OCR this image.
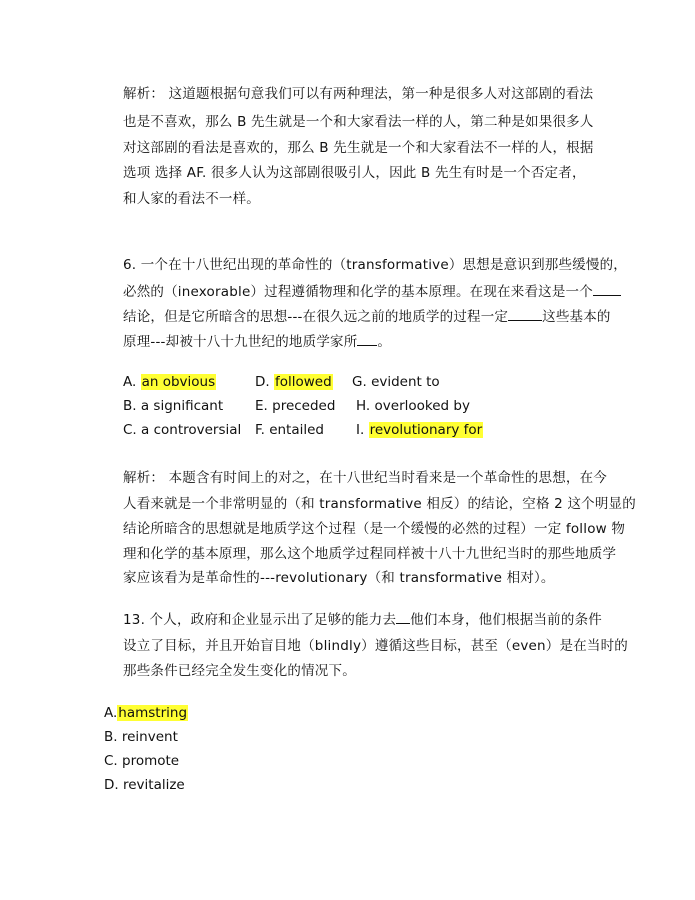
解析： 这道题根据句意我们可以有两种理法，第一种是很多人对这部剧的看法
也是不喜欢，那么 B 先生就是一个和大家看法一样的人，第二种是如果很多人
对这部剧的看法是喜欢的，那么 B 先生就是一个和大家看法不一样的人，根据
选项 选择 AF. 很多人认为这部剧很吸引人，因此 B 先生有时是一个否定者，
和人家的看法不一样。
6. 一个在十八世纪出现的革命性的（transformative）思想是意识到那些缓慢的，
必然的（inexorable）过程遵循物理和化学的基本原理。在现在来看这是一个
结论，但是它所暗含的思想---在很久远之前的地质学的过程一定	这些基本的
原理---却被十八十九世纪的地质学家所 。
A. an obvious	D. followed G. evident to
B. a significant E. preceded H. overlooked by
C. a controversial F. entailed I. revolutionary for
解析： 本题含有时间上的对之，在十八世纪当时看来是一个革命性的思想，在今
人看来就是一个非常明显的（和 transformative 相反）的结论，空格 2 这个明显的
结论所暗含的思想就是地质学这个过程（是一个缓慢的必然的过程）一定 follow 物
理和化学的基本原理，那么这个地质学过程同样被十八十九世纪当时的那些地质学
家应该看为是革命性的---revolutionary（和 transformative 相对）。
13. 个人，政府和企业显示出了足够的能力去 他们本身，他们根据当前的条件
设立了目标，并且开始盲目地（blindly）遵循这些目标，甚至（even）是在当时的
那些条件已经完全发生变化的情况下。
A.hamstring
B. reinvent
C. promote
D. revitalize
